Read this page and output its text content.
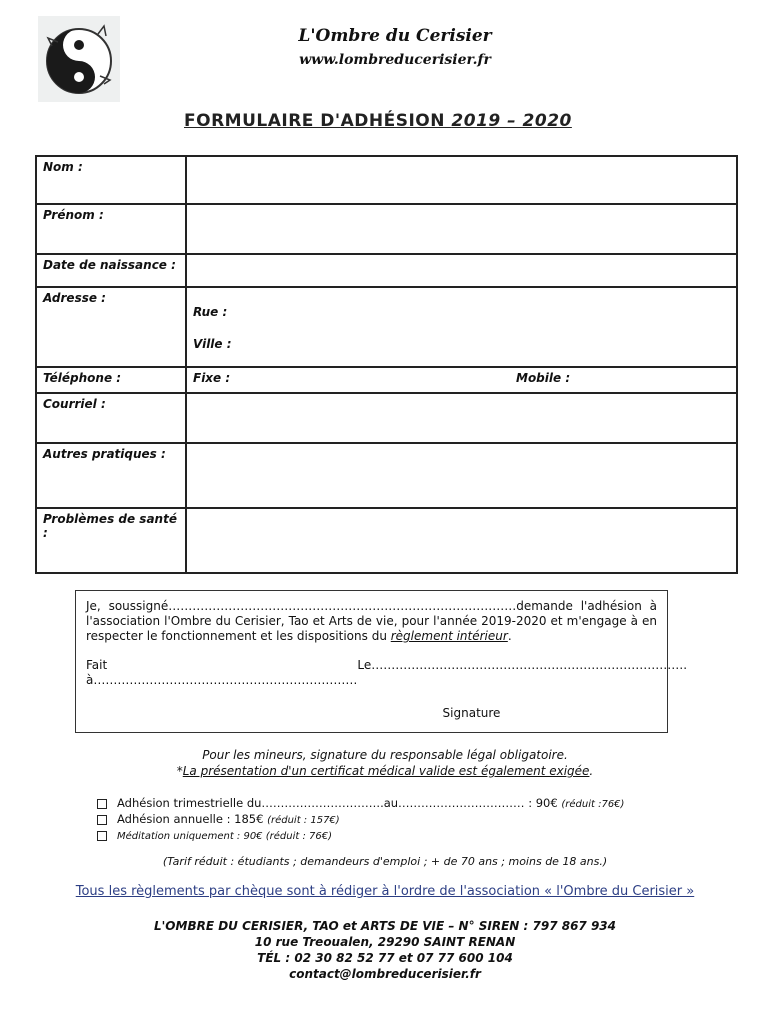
L'Ombre du Cerisier
www.lombreducerisier.fr
FORMULAIRE D'ADHÉSION 2019 – 2020
Nom :	
Prénom :	
Date de naissance :	
Adresse :	Rue :
Ville :

Téléphone :	Fixe : Mobile :

Courriel :	
Autres pratiques :	
Problèmes de santé :	

Je, soussigné……………………………………………………………………………demande l'adhésion à l'association l'Ombre du Cerisier, Tao et Arts de vie, pour l'année 2019-2020 et m'engage à en respecter le fonctionnement et les dispositions du règlement intérieur.

Fait à…………………………………………………………
Le…………………………………………………………………….
Signature
Pour les mineurs, signature du responsable légal obligatoire.
*La présentation d'un certificat médical valide est également exigée.
Adhésion trimestrielle du…………………………..au…………………………… : 90€ (réduit :76€)
Adhésion annuelle : 185€ (réduit : 157€)
Méditation uniquement : 90€ (réduit : 76€)
(Tarif réduit : étudiants ; demandeurs d'emploi ; + de 70 ans ; moins de 18 ans.)
Tous les règlements par chèque sont à rédiger à l'ordre de l'association « l'Ombre du Cerisier »
L'OMBRE DU CERISIER, TAO et ARTS DE VIE – N° SIREN : 797 867 934
10 rue Treoualen, 29290 SAINT RENAN
TÉL : 02 30 82 52 77 et 07 77 600 104
contact@lombreducerisier.fr
